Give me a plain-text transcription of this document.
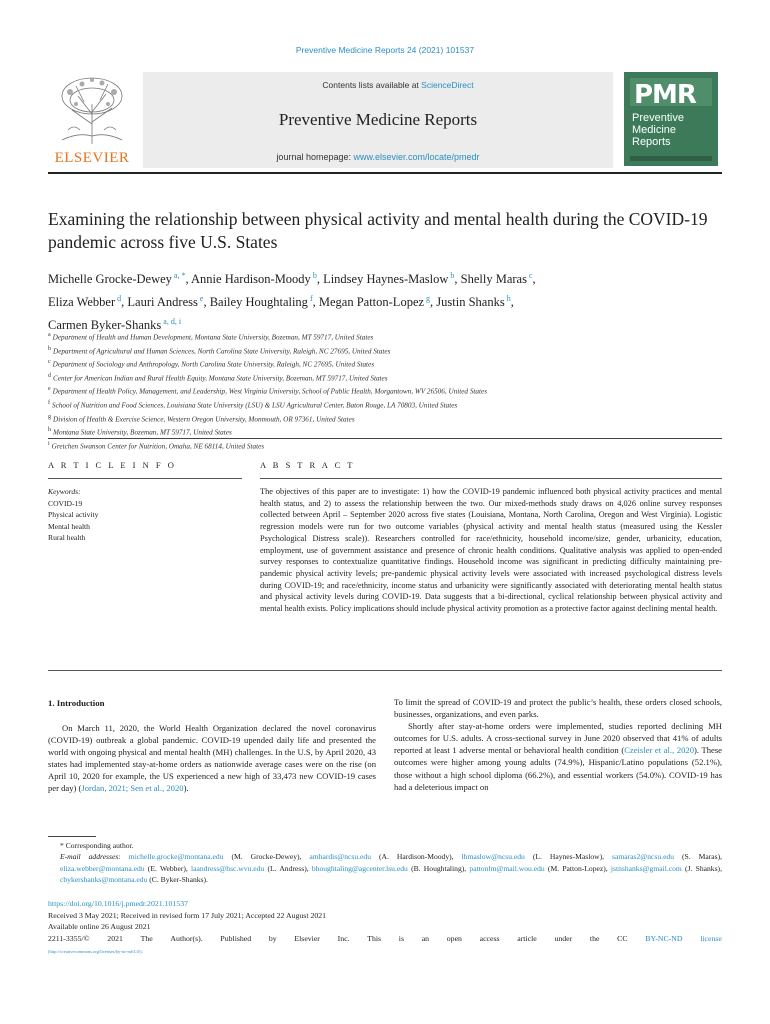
Preventive Medicine Reports 24 (2021) 101537
ELSEVIER
Contents lists available at ScienceDirect
Preventive Medicine Reports
journal homepage: www.elsevier.com/locate/pmedr
PMR
Preventive
Medicine
Reports
Examining the relationship between physical activity and mental health during the COVID-19 pandemic across five U.S. States
Michelle Grocke-Dewey $^{a, *}$, Annie Hardison-Moody $^b$, Lindsey Haynes-Maslow $^b$, Shelly Maras $^c$,
Eliza Webber $^d$, Lauri Andress $^e$, Bailey Houghtaling $^f$, Megan Patton-Lopez $^g$, Justin Shanks $^h$,
Carmen Byker-Shanks $^{a, d, i}$
$^a$ Department of Health and Human Development, Montana State University, Bozeman, MT 59717, United States
$^b$ Department of Agricultural and Human Sciences, North Carolina State University, Raleigh, NC 27695, United States
$^c$ Department of Sociology and Anthropology, North Carolina State University, Raleigh, NC 27695, United States
$^d$ Center for American Indian and Rural Health Equity, Montana State University, Bozeman, MT 59717, United States
$^e$ Department of Health Policy, Management, and Leadership, West Virginia University, School of Public Health, Morgantown, WV 26506, United States
$^f$ School of Nutrition and Food Sciences, Louisiana State University (LSU) & LSU Agricultural Center, Baton Rouge, LA 70803, United States
$^g$ Division of Health & Exercise Science, Western Oregon University, Monmouth, OR 97361, United States
$^h$ Montana State University, Bozeman, MT 59717, United States
$^i$ Gretchen Swanson Center for Nutrition, Omaha, NE 68114, United States
A R T I C L E I N F O
Keywords:
COVID-19
Physical activity
Mental health
Rural health
A B S T R A C T
The objectives of this paper are to investigate: 1) how the COVID-19 pandemic influenced both physical activity practices and mental health status, and 2) to assess the relationship between the two. Our mixed-methods study draws on 4,026 online survey responses collected between April – September 2020 across five states (Louisiana, Montana, North Carolina, Oregon and West Virginia). Logistic regression models were run for two outcome variables (physical activity and mental health status (measured using the Kessler Psychological Distress scale)). Researchers controlled for race/ethnicity, household income/size, gender, urbanicity, education, employment, use of government assistance and presence of chronic health conditions. Qualitative analysis was applied to open-ended survey responses to contextualize quantitative findings. Household income was significant in predicting difficulty maintaining pre-pandemic physical activity levels; pre-pandemic physical activity levels were associated with increased psychological distress levels during COVID-19; and race/ethnicity, income status and urbanicity were significantly associated with deteriorating mental health status and physical activity levels during COVID-19. Data suggests that a bi-directional, cyclical relationship between physical activity and mental health exists. Policy implications should include physical activity promotion as a protective factor against declining mental health.
1. Introduction
On March 11, 2020, the World Health Organization declared the novel coronavirus (COVID-19) outbreak a global pandemic. COVID-19 upended daily life and presented the world with ongoing physical and mental health (MH) challenges. In the U.S, by April 2020, 43 states had implemented stay-at-home orders as nationwide average cases were on the rise (on April 10, 2020 for example, the US experienced a new high of 33,473 new COVID-19 cases per day) (Jordan, 2021; Sen et al., 2020).

To limit the spread of COVID-19 and protect the public’s health, these orders closed schools, businesses, organizations, and even parks.

Shortly after stay-at-home orders were implemented, studies reported declining MH outcomes for U.S. adults. A cross-sectional survey in June 2020 observed that 41% of adults reported at least 1 adverse mental or behavioral health condition (Czeisler et al., 2020). These outcomes were higher among young adults (74.9%), Hispanic/Latino populations (52.1%), those without a high school diploma (66.2%), and essential workers (54.0%). COVID-19 has had a deleterious impact on

* Corresponding author.
E-mail addresses: michelle.grocke@montana.edu (M. Grocke-Dewey), amhardis@ncsu.edu (A. Hardison-Moody), lhmaslow@ncsu.edu (L. Haynes-Maslow), samaras2@ncsu.edu (S. Maras), eliza.webber@montana.edu (E. Webber), laandress@hsc.wvu.edu (L. Andress), bhoughtaling@agcenter.lsu.edu (B. Houghtaling), pattonlm@mail.wou.edu (M. Patton-Lopez), jstnshanks@gmail.com (J. Shanks), cbykershanks@montana.edu (C. Byker-Shanks).
https://doi.org/10.1016/j.pmedr.2021.101537
Received 3 May 2021; Received in revised form 17 July 2021; Accepted 22 August 2021
Available online 26 August 2021
2211-3355/© 2021 The Author(s). Published by Elsevier Inc. This is an open access article under the CC BY-NC-ND license
(http://creativecommons.org/licenses/by-nc-nd/4.0/).
